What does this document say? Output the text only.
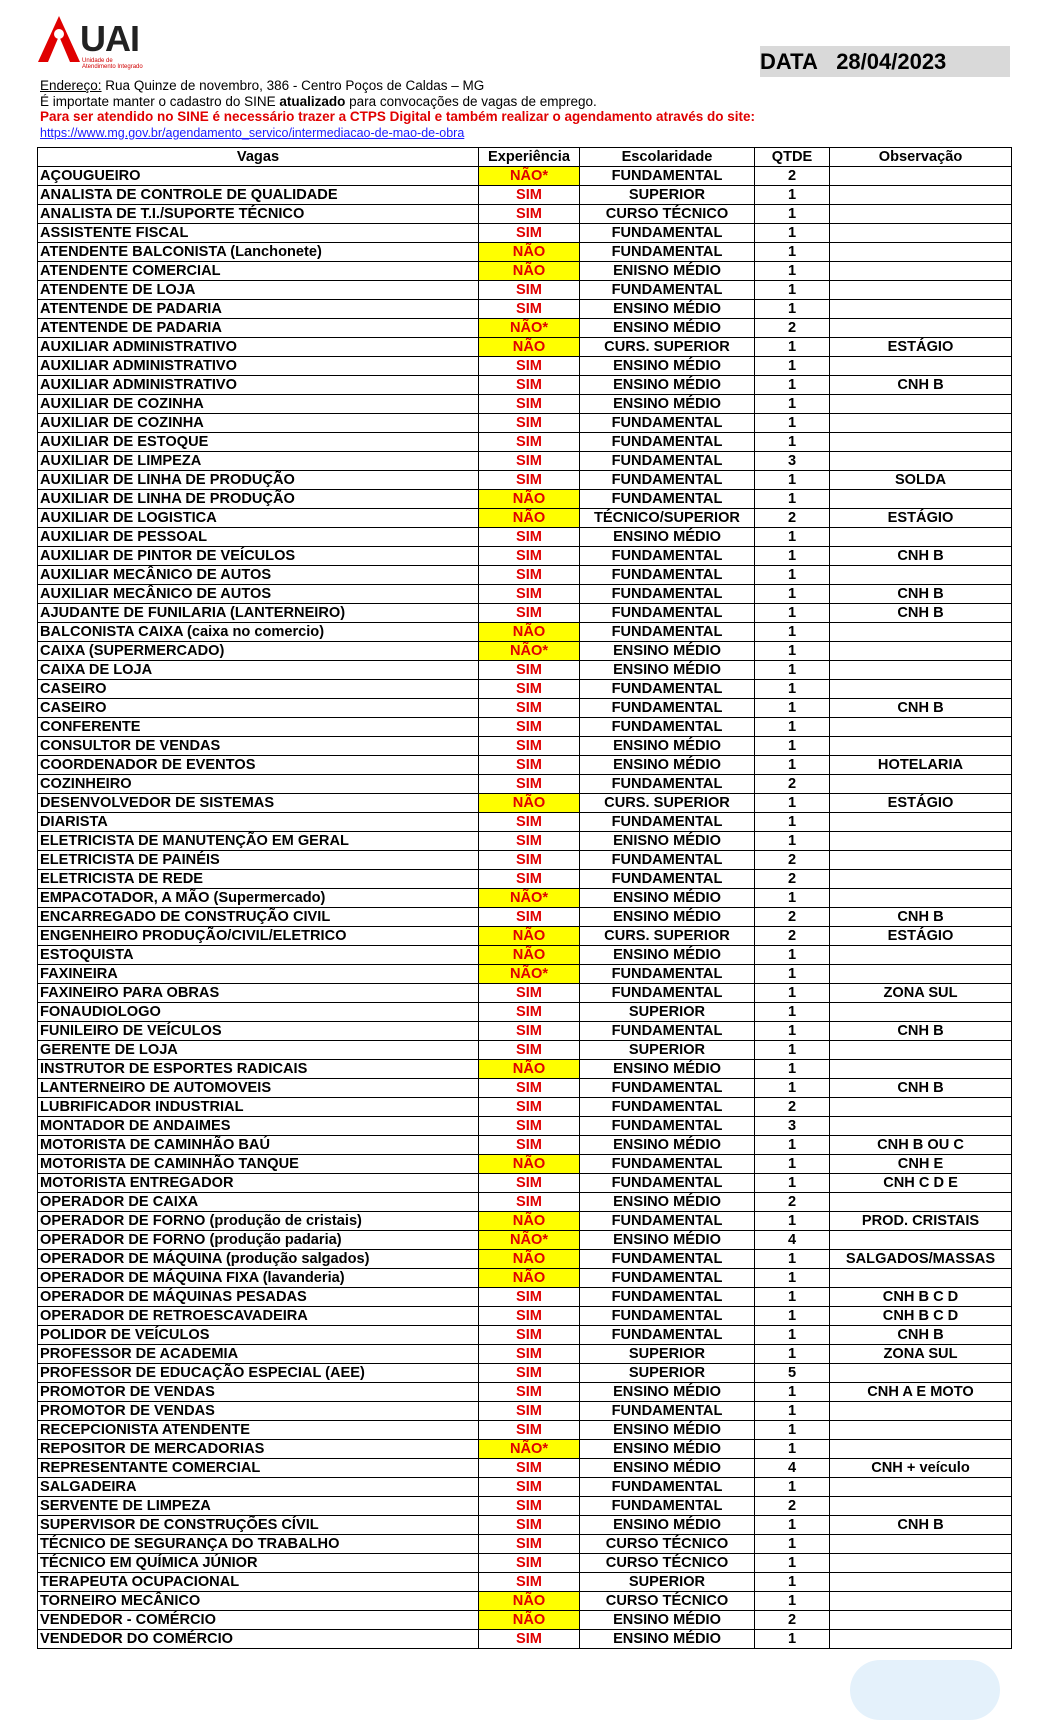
UAI
Unidade de Atendimento Integrado	DATA 28/04/2023
Endereço: Rua Quinze de novembro, 386 - Centro Poços de Caldas – MG
É importate manter o cadastro do SINE atualizado para convocações de vagas de emprego.
Para ser atendido no SINE é necessário trazer a CTPS Digital e também realizar o agendamento através do site:
https://www.mg.gov.br/agendamento_servico/intermediacao-de-mao-de-obra
Vagas	Experiência	Escolaridade	QTDE	Observação
AÇOUGUEIRO	NÃO*	FUNDAMENTAL	2	
ANALISTA DE CONTROLE DE QUALIDADE	SIM	SUPERIOR	1	
ANALISTA DE T.I./SUPORTE TÉCNICO	SIM	CURSO TÉCNICO	1	
ASSISTENTE FISCAL	SIM	FUNDAMENTAL	1	
ATENDENTE BALCONISTA (Lanchonete)	NÃO	FUNDAMENTAL	1	
ATENDENTE COMERCIAL	NÃO	ENISNO MÉDIO	1	
ATENDENTE DE LOJA	SIM	FUNDAMENTAL	1	
ATENTENDE DE PADARIA	SIM	ENSINO MÉDIO	1	
ATENTENDE DE PADARIA	NÃO*	ENSINO MÉDIO	2	
AUXILIAR ADMINISTRATIVO	NÃO	CURS. SUPERIOR	1	ESTÁGIO
AUXILIAR ADMINISTRATIVO	SIM	ENSINO MÉDIO	1	
AUXILIAR ADMINISTRATIVO	SIM	ENSINO MÉDIO	1	CNH B
AUXILIAR DE COZINHA	SIM	ENSINO MÉDIO	1	
AUXILIAR DE COZINHA	SIM	FUNDAMENTAL	1	
AUXILIAR DE ESTOQUE	SIM	FUNDAMENTAL	1	
AUXILIAR DE LIMPEZA	SIM	FUNDAMENTAL	3	
AUXILIAR DE LINHA DE PRODUÇÃO	SIM	FUNDAMENTAL	1	SOLDA
AUXILIAR DE LINHA DE PRODUÇÃO	NÃO	FUNDAMENTAL	1	
AUXILIAR DE LOGISTICA	NÃO	TÉCNICO/SUPERIOR	2	ESTÁGIO
AUXILIAR DE PESSOAL	SIM	ENSINO MÉDIO	1	
AUXILIAR DE PINTOR DE VEÍCULOS	SIM	FUNDAMENTAL	1	CNH B
AUXILIAR MECÂNICO DE AUTOS	SIM	FUNDAMENTAL	1	
AUXILIAR MECÂNICO DE AUTOS	SIM	FUNDAMENTAL	1	CNH B
AJUDANTE DE FUNILARIA (LANTERNEIRO)	SIM	FUNDAMENTAL	1	CNH B
BALCONISTA CAIXA (caixa no comercio)	NÃO	FUNDAMENTAL	1	
CAIXA (SUPERMERCADO)	NÃO*	ENSINO MÉDIO	1	
CAIXA DE LOJA	SIM	ENSINO MÉDIO	1	
CASEIRO	SIM	FUNDAMENTAL	1	
CASEIRO	SIM	FUNDAMENTAL	1	CNH B
CONFERENTE	SIM	FUNDAMENTAL	1	
CONSULTOR DE VENDAS	SIM	ENSINO MÉDIO	1	
COORDENADOR DE EVENTOS	SIM	ENSINO MÉDIO	1	HOTELARIA
COZINHEIRO	SIM	FUNDAMENTAL	2	
DESENVOLVEDOR DE SISTEMAS	NÃO	CURS. SUPERIOR	1	ESTÁGIO
DIARISTA	SIM	FUNDAMENTAL	1	
ELETRICISTA DE MANUTENÇÃO EM GERAL	SIM	ENISNO MÉDIO	1	
ELETRICISTA DE PAINÉIS	SIM	FUNDAMENTAL	2	
ELETRICISTA DE REDE	SIM	FUNDAMENTAL	2	
EMPACOTADOR, A MÃO (Supermercado)	NÃO*	ENSINO MÉDIO	1	
ENCARREGADO DE CONSTRUÇÃO CIVIL	SIM	ENSINO MÉDIO	2	CNH B
ENGENHEIRO PRODUÇÃO/CIVIL/ELETRICO	NÃO	CURS. SUPERIOR	2	ESTÁGIO
ESTOQUISTA	NÃO	ENSINO MÉDIO	1	
FAXINEIRA	NÃO*	FUNDAMENTAL	1	
FAXINEIRO PARA OBRAS	SIM	FUNDAMENTAL	1	ZONA SUL
FONAUDIOLOGO	SIM	SUPERIOR	1	
FUNILEIRO DE VEÍCULOS	SIM	FUNDAMENTAL	1	CNH B
GERENTE DE LOJA	SIM	SUPERIOR	1	
INSTRUTOR DE ESPORTES RADICAIS	NÃO	ENSINO MÉDIO	1	
LANTERNEIRO DE AUTOMOVEIS	SIM	FUNDAMENTAL	1	CNH B
LUBRIFICADOR INDUSTRIAL	SIM	FUNDAMENTAL	2	
MONTADOR DE ANDAIMES	SIM	FUNDAMENTAL	3	
MOTORISTA DE CAMINHÃO BAÚ	SIM	ENSINO MÉDIO	1	CNH B OU C
MOTORISTA DE CAMINHÃO TANQUE	NÃO	FUNDAMENTAL	1	CNH E
MOTORISTA ENTREGADOR	SIM	FUNDAMENTAL	1	CNH C D E
OPERADOR DE CAIXA	SIM	ENSINO MÉDIO	2	
OPERADOR DE FORNO (produção de cristais)	NÃO	FUNDAMENTAL	1	PROD. CRISTAIS
OPERADOR DE FORNO (produção padaria)	NÃO*	ENSINO MÉDIO	4	
OPERADOR DE MÁQUINA (produção salgados)	NÃO	FUNDAMENTAL	1	SALGADOS/MASSAS
OPERADOR DE MÁQUINA FIXA (lavanderia)	NÃO	FUNDAMENTAL	1	
OPERADOR DE MÁQUINAS PESADAS	SIM	FUNDAMENTAL	1	CNH B C D
OPERADOR DE RETROESCAVADEIRA	SIM	FUNDAMENTAL	1	CNH B C D
POLIDOR DE VEÍCULOS	SIM	FUNDAMENTAL	1	CNH B
PROFESSOR DE ACADEMIA	SIM	SUPERIOR	1	ZONA SUL
PROFESSOR DE EDUCAÇÃO ESPECIAL (AEE)	SIM	SUPERIOR	5	
PROMOTOR DE VENDAS	SIM	ENSINO MÉDIO	1	CNH A E MOTO
PROMOTOR DE VENDAS	SIM	FUNDAMENTAL	1	
RECEPCIONISTA ATENDENTE	SIM	ENSINO MÉDIO	1	
REPOSITOR DE MERCADORIAS	NÃO*	ENSINO MÉDIO	1	
REPRESENTANTE COMERCIAL	SIM	ENSINO MÉDIO	4	CNH + veículo
SALGADEIRA	SIM	FUNDAMENTAL	1	
SERVENTE DE LIMPEZA	SIM	FUNDAMENTAL	2	
SUPERVISOR DE CONSTRUÇÕES CÍVIL	SIM	ENSINO MÉDIO	1	CNH B
TÉCNICO DE SEGURANÇA DO TRABALHO	SIM	CURSO TÉCNICO	1	
TÉCNICO EM QUÍMICA JÚNIOR	SIM	CURSO TÉCNICO	1	
TERAPEUTA OCUPACIONAL	SIM	SUPERIOR	1	
TORNEIRO MECÂNICO	NÃO	CURSO TÉCNICO	1	
VENDEDOR - COMÉRCIO	NÃO	ENSINO MÉDIO	2	
VENDEDOR DO COMÉRCIO	SIM	ENSINO MÉDIO	1	
